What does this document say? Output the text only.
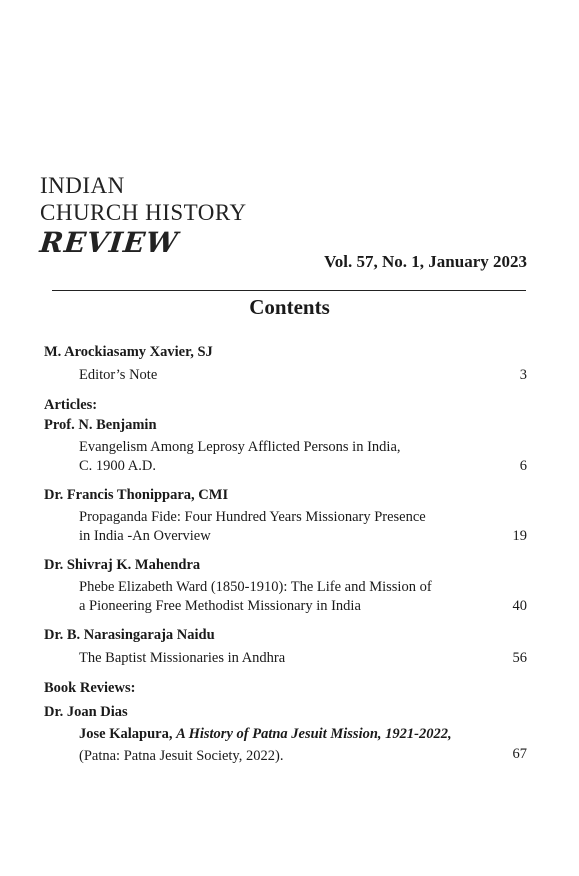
INDIAN
CHURCH HISTORY
REVIEW
Vol. 57, No. 1, January 2023
Contents
M. Arockiasamy Xavier, SJ
Editor’s Note	3
Articles:
Prof. N. Benjamin
Evangelism Among Leprosy Afflicted Persons in India,
C. 1900 A.D.	6
Dr. Francis Thonippara, CMI
Propaganda Fide: Four Hundred Years Missionary Presence
in India -An Overview	19
Dr. Shivraj K. Mahendra
Phebe Elizabeth Ward (1850-1910): The Life and Mission of
a Pioneering Free Methodist Missionary in India	40
Dr. B. Narasingaraja Naidu
The Baptist Missionaries in Andhra	56
Book Reviews:
Dr. Joan Dias
Jose Kalapura, A History of Patna Jesuit Mission, 1921-2022,
(Patna: Patna Jesuit Society, 2022).	67
